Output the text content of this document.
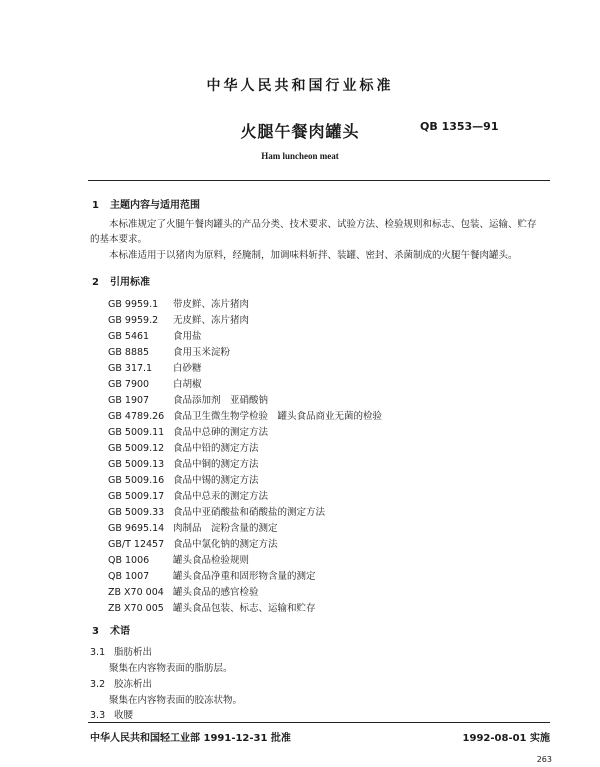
中华人民共和国行业标准
火腿午餐肉罐头	QB 1353—91
Ham luncheon meat
1 主题内容与适用范围
本标准规定了火腿午餐肉罐头的产品分类、技术要求、试验方法、检验规则和标志、包装、运输、贮存
的基本要求。
本标准适用于以猪肉为原料，经腌制，加调味料斩拌、装罐、密封、杀菌制成的火腿午餐肉罐头。
2 引用标准
GB 9959.1 带皮鲜、冻片猪肉
GB 9959.2 无皮鲜、冻片猪肉
GB 5461	食用盐
GB 8885	食用玉米淀粉
GB 317.1 白砂糖
GB 7900	白胡椒
GB 1907	食品添加剂　亚硝酸钠
GB 4789.26 食品卫生微生物学检验　罐头食品商业无菌的检验
GB 5009.11 食品中总砷的测定方法
GB 5009.12 食品中铅的测定方法
GB 5009.13 食品中铜的测定方法
GB 5009.16 食品中锡的测定方法
GB 5009.17 食品中总汞的测定方法
GB 5009.33 食品中亚硝酸盐和硝酸盐的测定方法
GB 9695.14 肉制品　淀粉含量的测定
GB/T 12457 食品中氯化钠的测定方法
QB 1006	罐头食品检验规则
QB 1007	罐头食品净重和固形物含量的测定
ZB X70 004 罐头食品的感官检验
ZB X70 005 罐头食品包装、标志、运输和贮存
3 术语
3.1 脂肪析出
聚集在内容物表面的脂肪层。
3.2 胶冻析出
聚集在内容物表面的胶冻状物。
3.3 收腰
中华人民共和国轻工业部 1991-12-31 批准	1992-08-01 实施
263
